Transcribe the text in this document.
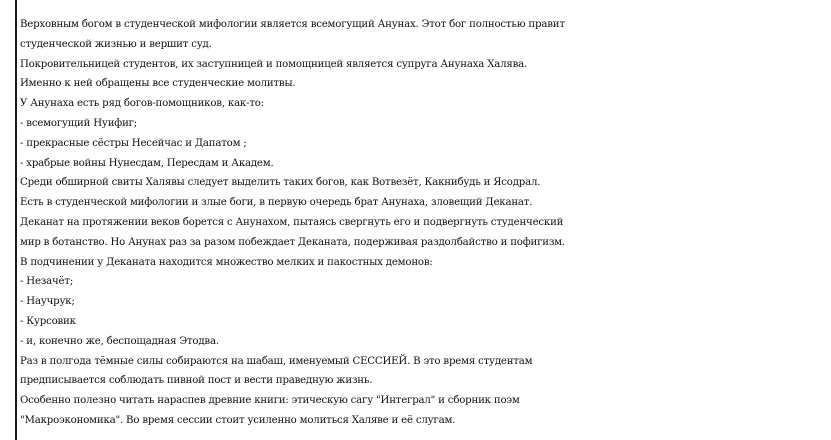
Верховным богом в студенческой мифологии является всемогущий Анунах. Этот бог полностью правит

студенческой жизнью и вершит суд.

Покровительницей студентов, их заступницей и помощницей является супруга Анунаха Халява.

Именно к ней обращены все студенческие молитвы.

У Анунаха есть ряд богов-помощников, как-то:

- всемогущий Нуифиг;

- прекрасные сёстры Несейчас и Дапатом ;

- храбрые войны Нунесдам, Пересдам и Академ.

Среди обширной свиты Халявы следует выделить таких богов, как Вотвезёт, Какнибудь и Ясодрал.

Есть в студенческой мифологии и злые боги, в первую очередь брат Анунаха, зловещий Деканат.

Деканат на протяжении веков борется с Анунахом, пытаясь свергнуть его и подвергнуть студенческий

мир в ботанство. Но Анунах раз за разом побеждает Деканата, подерживая раздолбайство и пофигизм.

В подчинении у Деканата находится множество мелких и пакостных демонов:

- Незачёт;

- Научрук;

- Курсовик

- и, конечно же, беспощадная Этодва.

Раз в полгода тёмные силы собираются на шабаш, именуемый СЕССИЕЙ. В это время студентам

предписывается соблюдать пивной пост и вести праведную жизнь.

Особенно полезно читать нараспев древние книги: этическую сагу "Интеграл" и сборник поэм

"Макроэкономика". Во время сессии стоит усиленно молиться Халяве и её слугам.
